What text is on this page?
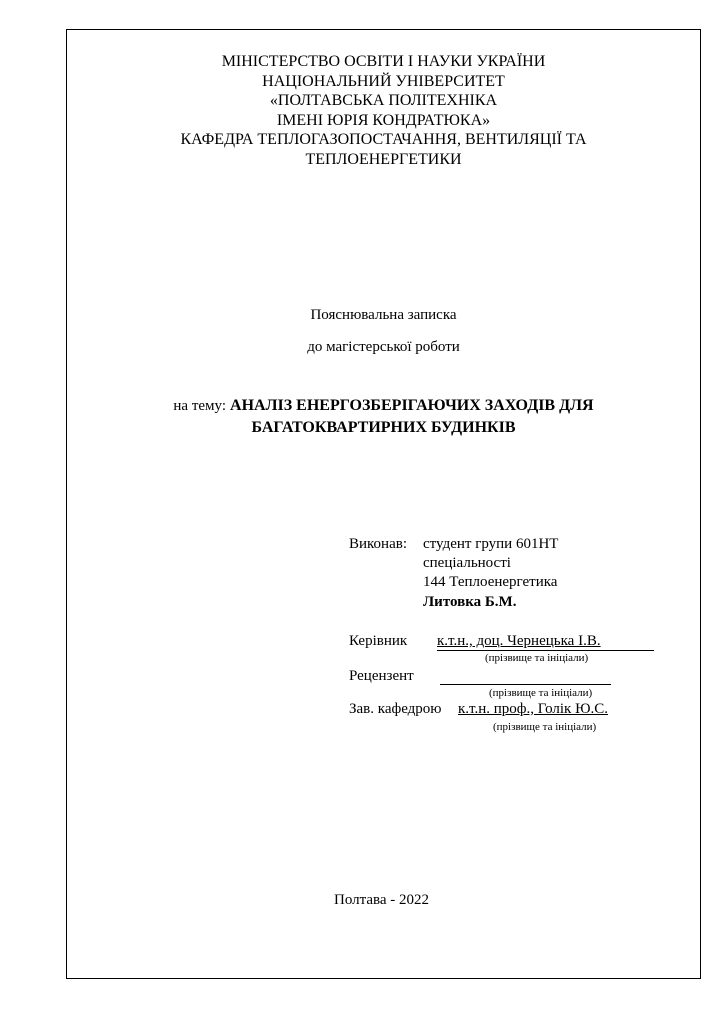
МІНІСТЕРСТВО ОСВІТИ І НАУКИ УКРАЇНИ
НАЦІОНАЛЬНИЙ УНІВЕРСИТЕТ
«ПОЛТАВСЬКА ПОЛІТЕХНІКА
ІМЕНІ ЮРІЯ КОНДРАТЮКА»
КАФЕДРА ТЕПЛОГАЗОПОСТАЧАННЯ, ВЕНТИЛЯЦІЇ ТА
ТЕПЛОЕНЕРГЕТИКИ
Пояснювальна записка
до магістерської роботи
на тему: АНАЛІЗ ЕНЕРГОЗБЕРІГАЮЧИХ ЗАХОДІВ ДЛЯ
БАГАТОКВАРТИРНИХ БУДИНКІВ
Виконав: студент групи 601НТ
спеціальності
144 Теплоенергетика
Литовка Б.М.
Керівник к.т.н., доц. Чернецька І.В.
(прізвище та ініціали)
Рецензент
(прізвище та ініціали)
Зав. кафедрою к.т.н. проф., Голік Ю.С.
(прізвище та ініціали)
Полтава - 2022
